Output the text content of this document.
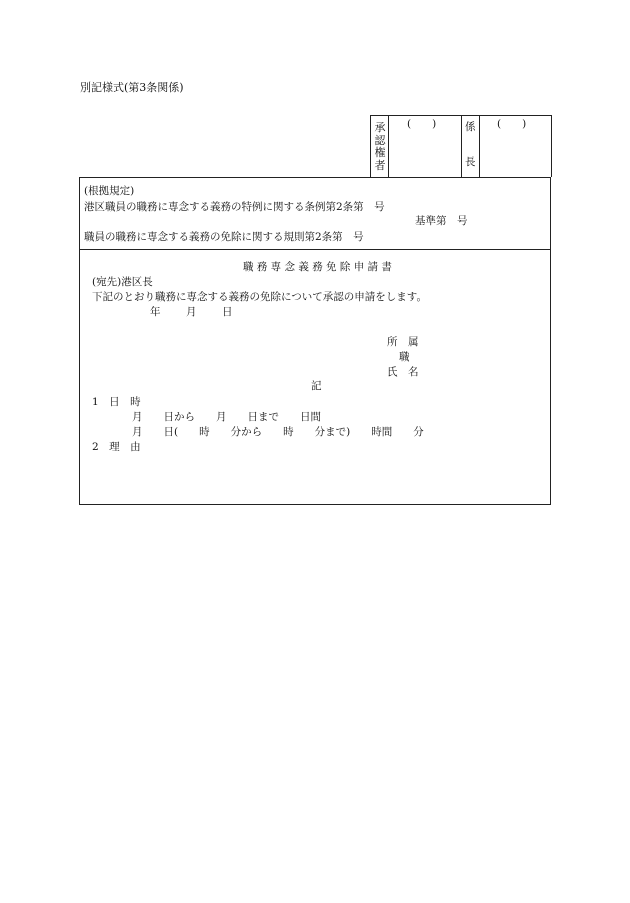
別記様式(第3条関係)
承認権者
(　　)	係
長
(　　)
(根拠規定)
港区職員の職務に専念する義務の特例に関する条例第2条第　号
基準第　号
職員の職務に専念する義務の免除に関する規則第2条第　号
職 務 専 念 義 務 免 除 申 請 書
(宛先)港区長
下記のとおり職務に専念する義務の免除について承認の申請をします。
年 月 日
所　属
職
氏　名
記
1　日　時
月　　日から　　月　　日まで　　日間
月　　日(　　時　　分から　　時　　分まで)　　時間　　分
2　理　由
